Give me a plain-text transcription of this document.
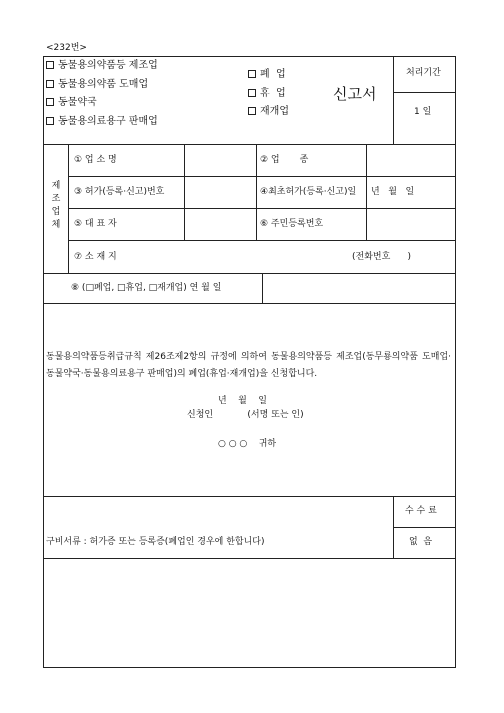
<232번>
동물용의약품등 제조업
동물용의약품 도매업
동물약국
동물용의료용구 판매업
폐  업
휴  업
재개업
신고서
처리기간
1 일
제조업체
① 업 소 명	② 업       종
③ 허가(등록·신고)번호	④최초허가(등록·신고)일 년   월   일
⑤ 대 표 자	⑥ 주민등록번호
⑦ 소 재 지	(전화번호      )
⑧ (□폐업, □휴업, □재개업) 연 월 일
동물용의약품등취급규칙 제26조제2항의 규정에 의하여 동물용의약품등 제조업(동무룡의약품 도매업·동물약국·동물용의료용구 판매업)의 폐업(휴업·재개업)을 신청합니다.
년    월    일
신청인            (서명 또는 인)
○ ○ ○    귀하
구비서류 : 허가증 또는 등록증(폐업인 경우에 한합니다)
수 수 료
없  음
